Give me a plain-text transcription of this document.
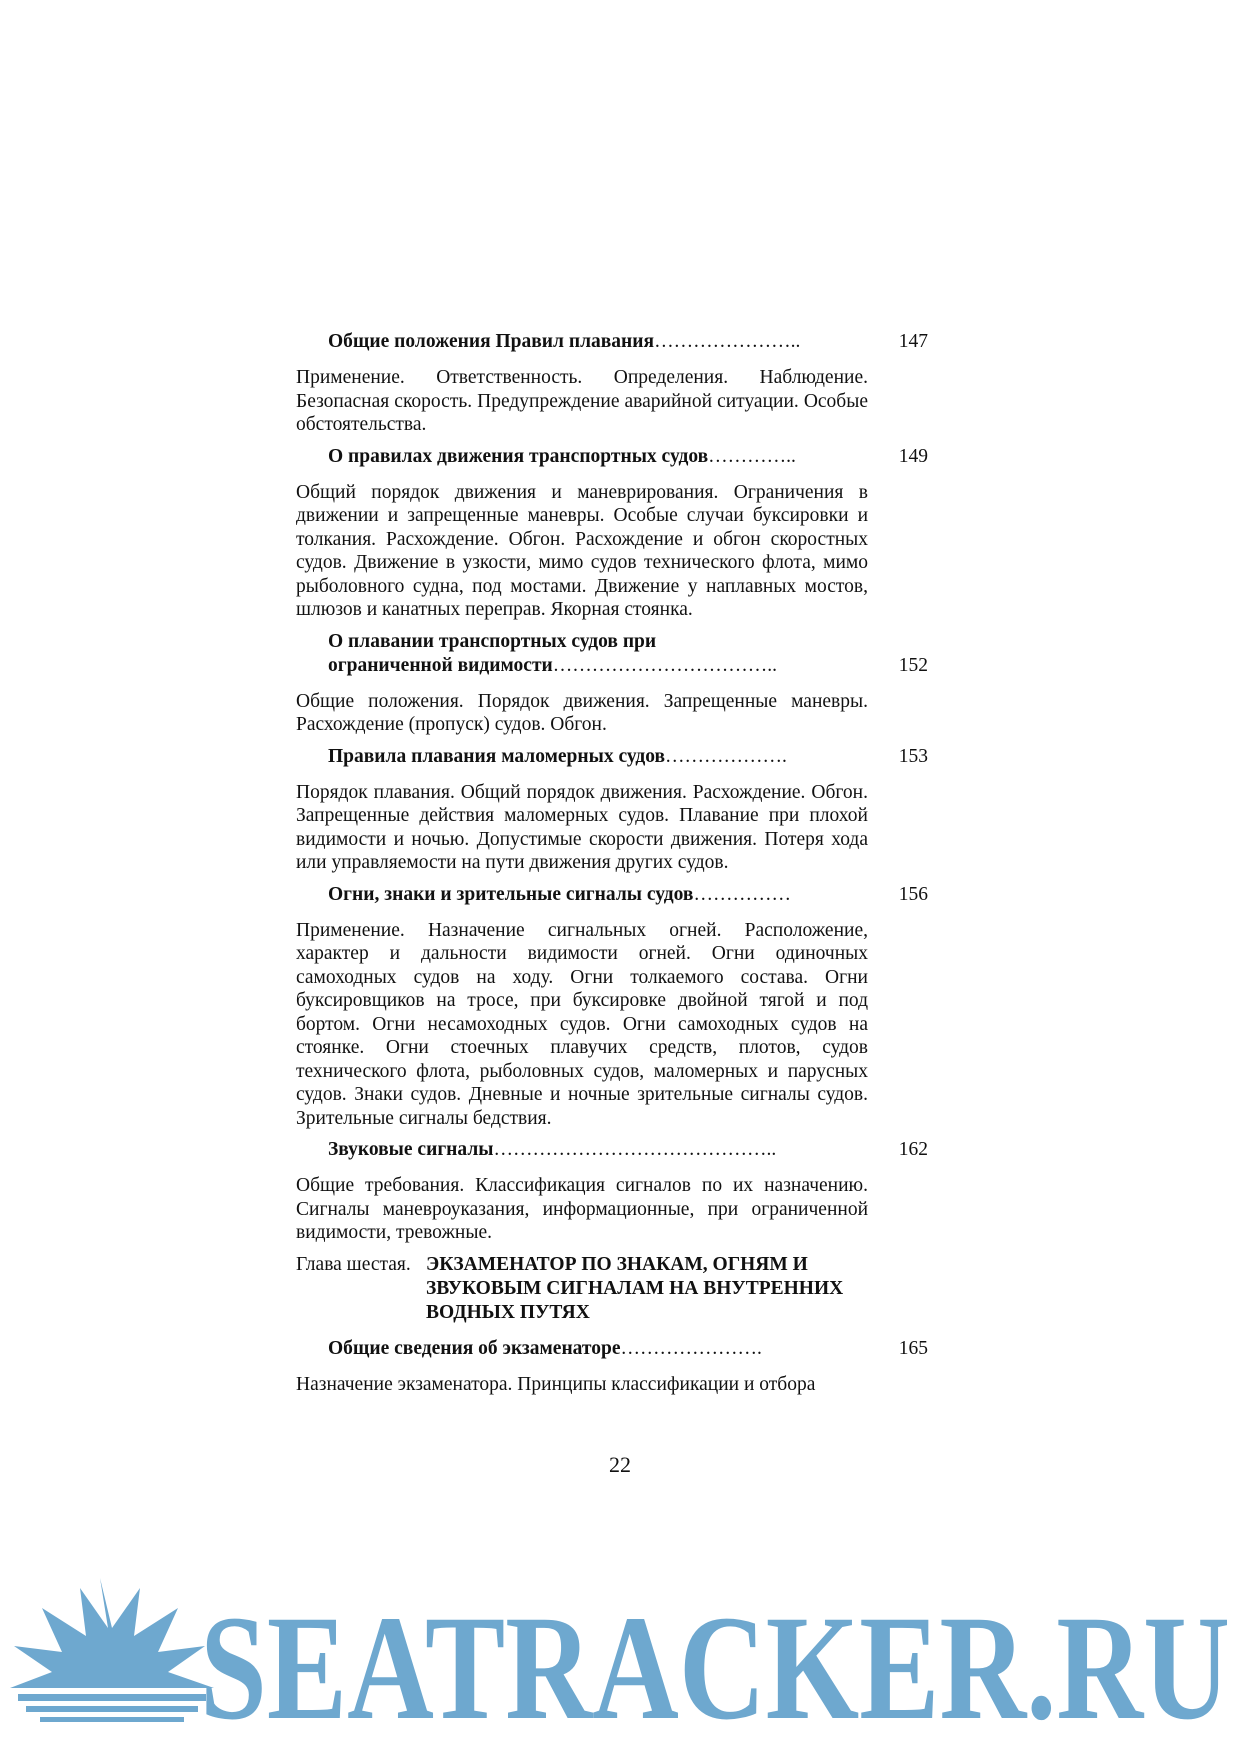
Общие положения Правил плавания…………………..	147
Применение. Ответственность. Определения. Наблюдение. Безопасная скорость. Предупреждение аварийной ситуации. Особые обстоятельства.
О правилах движения транспортных судов…………..	149
Общий порядок движения и маневрирования. Ограничения в движении и запрещенные маневры. Особые случаи буксировки и толкания. Расхождение. Обгон. Расхождение и обгон скоростных судов. Движение в узкости, мимо судов технического флота, мимо рыболовного судна, под мостами. Движение у наплавных мостов, шлюзов и канатных переправ. Якорная стоянка.
О плавании транспортных судов при
ограниченной видимости……………………………..	152
Общие положения. Порядок движения. Запрещенные маневры. Расхождение (пропуск) судов. Обгон.
Правила плавания маломерных судов……………….	153
Порядок плавания. Общий порядок движения. Расхождение. Обгон. Запрещенные действия маломерных судов. Плавание при плохой видимости и ночью. Допустимые скорости движения. Потеря хода или управляемости на пути движения других судов.
Огни, знаки и зрительные сигналы судов……………	156
Применение. Назначение сигнальных огней. Расположение, характер и дальности видимости огней. Огни одиночных самоходных судов на ходу. Огни толкаемого состава. Огни буксировщиков на тросе, при буксировке двойной тягой и под бортом. Огни несамоходных судов. Огни самоходных судов на стоянке. Огни стоечных плавучих средств, плотов, судов технического флота, рыболовных судов, маломерных и парусных судов. Знаки судов. Дневные и ночные зрительные сигналы судов. Зрительные сигналы бедствия.
Звуковые сигналы……………………………………..	162
Общие требования. Классификация сигналов по их назначению. Сигналы маневроуказания, информационные, при ограниченной видимости, тревожные.
Глава шестая. ЭКЗАМЕНАТОР ПО ЗНАКАМ, ОГНЯМ И ЗВУКОВЫМ СИГНАЛАМ НА ВНУТРЕННИХ ВОДНЫХ ПУТЯХ
Общие сведения об экзаменаторе………………….	165
Назначение экзаменатора. Принципы классификации и отбора
22
SEATRACKER.RU
